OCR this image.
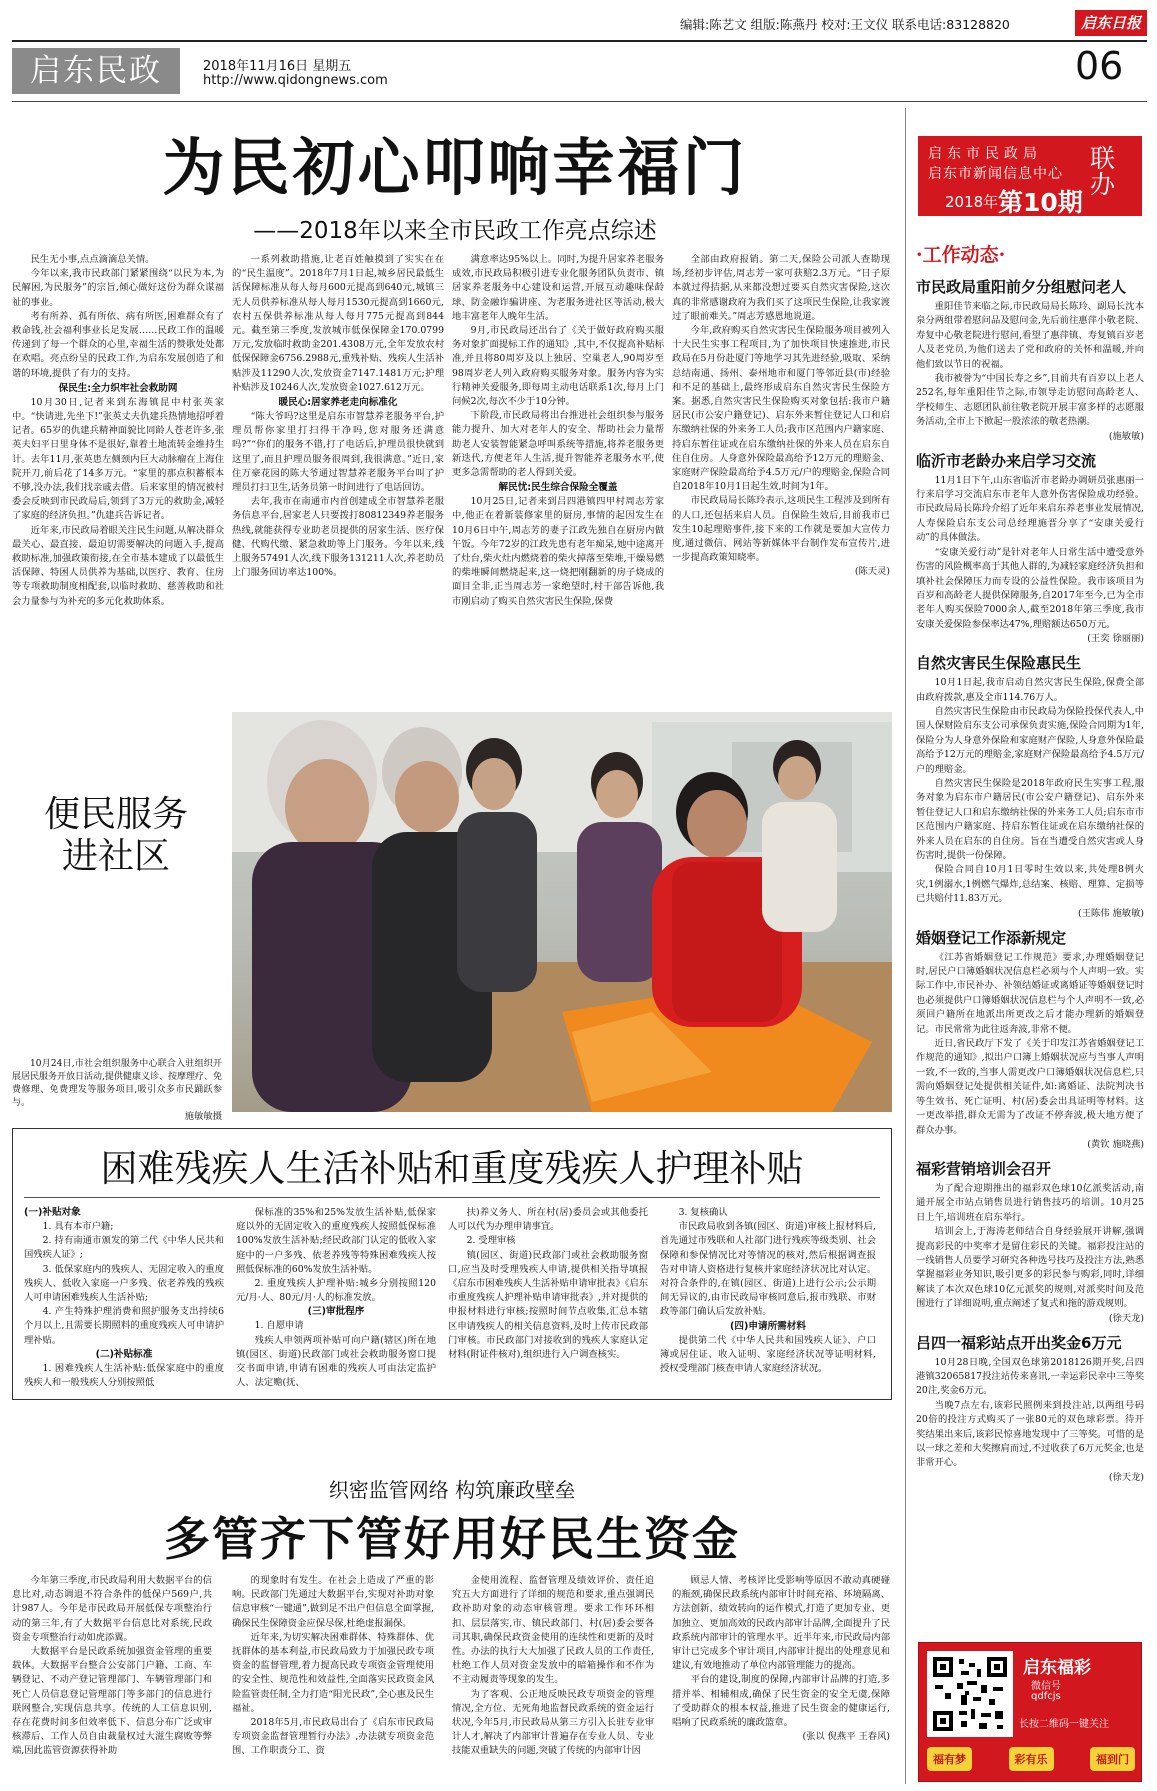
编辑:陈艺文 组版:陈燕丹 校对:王文仪 联系电话:83128820	启东日报
启东民政	2018年11月16日 星期五
http://www.qidongnews.com	06
启东市民政局
启东市新闻信息中心
联办
2018年 第10期
为民初心叩响幸福门
——2018年以来全市民政工作亮点综述

民生无小事,点点滴滴总关情。

今年以来,我市民政部门紧紧围绕“以民为本,为民解困,为民服务”的宗旨,倾心做好这份为群众谋福祉的事业。

考有所养、孤有所依、病有所医,困难群众有了救命钱,社会福利事业长足发展……民政工作的温暖传递到了每一个群众的心里,幸福生活的赞歌处处都在欢唱。亮点纷呈的民政工作,为启东发展创造了和谐的环境,提供了有力的支持。

保民生:全力织牢社会救助网

10月30日,记者来到东海镇昆中村张英家中。“快请进,先坐下!”张英丈夫仇建兵热情地招呼着记者。65岁的仇建兵精神面貌比同龄人苍老许多,张英夫妇平日里身体不是很好,靠着土地流转金维持生计。去年11月,张英患左侧颈内巨大动脉瘤在上海住院开刀,前后花了14多万元。“家里的那点积蓄根本不够,没办法,我们找亲戚去借。后来家里的情况被村委会反映到市民政局后,领到了3万元的救助金,减轻了家庭的经济负担。”仇建兵告诉记者。

近年来,市民政局着眼关注民生问题,从解决群众最关心、最直接、最迫切需要解决的问题入手,提高救助标准,加强政策衔接,在全市基本建成了以最低生活保障、特困人员供养为基础,以医疗、教育、住房等专项救助制度相配套,以临时救助、慈善救助和社会力量参与为补充的多元化救助体系。

一系列救助措施,让老百姓触摸到了实实在在的“民生温度”。2018年7月1日起,城乡居民最低生活保障标准从每人每月600元提高到640元,城镇三无人员供养标准从每人每月1530元提高到1660元,农村五保供养标准从每人每月775元提高到844元。截至第三季度,发放城市低保保障金170.0799万元,发放临时救助金201.4308万元,全年发放农村低保保障金6756.2988元,重残补贴、残疾人生活补贴涉及11290人次,发放资金7147.1481万元;护理补贴涉及10246人次,发放资金1027.612万元。

暖民心:居家养老走向标准化

“陈大爷吗?这里是启东市智慧养老服务平台,护理员帮你家里打扫得干净吗,您对服务还满意吗?”“你们的服务不错,打了电话后,护理员很快就到这里了,而且护理员服务很周到,我很满意。”近日,家住万豪花园的陈大爷通过智慧养老服务平台叫了护理员打扫卫生,话务员第一时间进行了电话回访。

去年,我市在南通市内首创建成全市智慧养老服务信息平台,居家老人只要拨打80812349养老服务热线,就能获得专业助老员提供的居家生活、医疗保健、代购代缴、紧急救助等上门服务。今年以来,线上服务57491人次,线下服务131211人次,养老助员上门服务回访率达100%。

满意率达95%以上。同时,为提升居家养老服务成效,市民政局积极引进专业化服务团队负责市、镇居家养老服务中心建设和运营,开展互动趣味保龄球、防金融诈骗讲座、为老服务进社区等活动,极大地丰富老年人晚年生活。

9月,市民政局还出台了《关于做好政府购买服务对象扩面提标工作的通知》,其中,不仅提高补贴标准,并且将80周岁及以上独居、空巢老人,90周岁至98周岁老人列入政府购买服务对象。服务内容为实行精神关爱服务,即每周主动电话联系1次,每月上门问候2次,每次不少于10分钟。

下阶段,市民政局将出台推进社会组织参与服务能力提升、加大对老年人的安全、帮助社会力量帮助老人安装智能紧急呼叫系统等措施,将养老服务更新迭代,方便老年人生活,提升智能养老服务水平,使更多急需帮助的老人得到关爱。

解民忧:民生综合保险全覆盖

10月25日,记者来到吕四港镇四甲村周志芳家中,他正在着新装修家里的厨房,事情的起因发生在10月6日中午,周志芳的妻子江政先独自在厨房内做午饭。今年72岁的江政先患有老年痴呆,她中途离开了灶台,柴火灶内燃烧着的柴火掉落至柴堆,干燥易燃的柴堆瞬间燃烧起来,这一烧把刚翻新的房子烧成的面目全非,正当周志芳一家绝望时,村干部告诉他,我市刚启动了购买自然灾害民生保险,保费

全部由政府报销。第二天,保险公司派人查勘现场,经初步评估,周志芳一家可获赔2.3万元。“日子原本就过得拮据,从来都没想过要买自然灾害保险,这次真的非常感谢政府为我们买了这项民生保险,让我家渡过了眼前难关。”周志芳感恩地说道。

今年,政府购买自然灾害民生保险服务项目被列入十大民生实事工程项目,为了加快项目快速推进,市民政局在5月份赴厦门等地学习其先进经验,吸取、采纳总结南通、扬州、泰州地市和厦门等邻近县(市)经验和不足的基础上,最终形成启东自然灾害民生保险方案。据悉,自然灾害民生保险购买对象包括:我市户籍居民(市公安户籍登记)、启东外来暂住登记人口和启东缴纳社保的外来务工人员;我市区范围内户籍家庭、持启东暂住证或在启东缴纳社保的外来人员在启东自住自住房。人身意外保险最高给予12万元的理赔金、家庭财产保险最高给予4.5万元/户的理赔金,保险合同自2018年10月1日起生效,时间为1年。

市民政局局长陈玲表示,这项民生工程涉及到所有的人口,还包括来启人员。自保险生效后,目前我市已发生10起理赔事件,接下来的工作就是要加大宣传力度,通过微信、网站等新媒体平台制作发布宣传片,进一步提高政策知晓率。

(陈天灵)
便民服务
进社区

10月24日,市社会组织服务中心联合入驻组织开展居民服务开放日活动,提供健康义诊、按摩理疗、免费修理、免费理发等服务项目,吸引众多市民踊跃参与。

施敏敏摄
困难残疾人生活补贴和重度残疾人护理补贴
(一)补贴对象

1. 具有本市户籍;

2. 持有南通市颁发的第二代《中华人民共和国残疾人证》;

3. 低保家庭内的残疾人、无固定收入的重度残疾人、低收入家庭一户多残、依老养残的残疾人可申请困难残疾人生活补贴;

4. 产生特殊护理消费和照护服务支出持续6个月以上,且需要长期照料的重度残疾人可申请护理补贴。

(二)补贴标准

1. 困难残疾人生活补贴:低保家庭中的重度残疾人和一般残疾人分别按照低

保标准的35%和25%发放生活补贴,低保家庭以外的无固定收入的重度残疾人按照低保标准100%发放生活补贴;经民政部门认定的低收入家庭中的一户多残、依老养残等特殊困难残疾人按照低保标准的60%发放生活补贴。

2. 重度残疾人护理补贴:城乡分别按照120元/月·人、80元/月·人的标准发放。

(三)审批程序

1. 自愿申请

残疾人申领两项补贴可向户籍(辖区)所在地镇(园区、街道)民政部门或社会救助服务窗口提交书面申请,申请有困难的残疾人可由法定监护人、法定赡(抚、

扶)养义务人、所在村(居)委员会或其他委托人可以代为办理申请事宜。

2. 受理审核

镇(园区、街道)民政部门或社会救助服务窗口,应当及时受理残疾人申请,提供相关指导填报《启东市困难残疾人生活补贴申请审批表》《启东市重度残疾人护理补贴申请审批表》,并对提供的申报材料进行审核;按照时间节点收集,汇总本辖区申请残疾人的相关信息资料,及时上传市民政部门审核。市民政部门对接收到的残疾人家庭认定材料(附证件核对),组织进行入户调查核实。

3. 复核确认

市民政局收到各镇(园区、街道)审核上报材料后,首先通过市残联和人社部门进行残疾等级类别、社会保障和参保情况比对等情况的核对,然后根据调查报告对申请人资格进行复核并家庭经济状况比对认定。对符合条件的,在镇(园区、街道)上进行公示;公示期间无异议的,由市民政局审核同意后,报市残联、市财政等部门确认后发放补贴。

(四)申请所需材料

提供第二代《中华人民共和国残疾人证》、户口簿或居住证、收入证明、家庭经济状况等证明材料,授权受理部门核查申请人家庭经济状况。

织密监管网络 构筑廉政壁垒
多管齐下管好用好民生资金

今年第三季度,市民政局利用大数据平台的信息比对,动态调退不符合条件的低保户569户,共计987人。今年是市民政局开展低保专项整治行动的第三年,有了大数据平台信息比对系统,民政资金专项整治行动如虎添翼。

大数据平台是民政系统加强资金管理的重要载体。大数据平台整合公安部门户籍、工商、车辆登记、不动产登记管理部门、车辆管理部门和死亡人员信息登记管理部门等多部门的信息进行联网整合,实现信息共享。传统的人工信息识别,存在花费时间多但效率低下、信息分布广泛或审核滞后、工作人员自由裁量权过大滋生腐败等弊端,因此监管资源获得补助

的现象时有发生。在社会上造成了严重的影响。民政部门先通过大数据平台,实现对补助对象信息审核“一键通”,做到足不出户但信息全面掌握,确保民生保障资金应保尽保,杜绝虚报漏保。

近年来,为切实解决困难群体、特殊群体、优抚群体的基本利益,市民政局致力于加强民政专项资金的监督管理,着力提高民政专项资金管理使用的安全性、规范性和效益性,全面落实民政资金风险监管责任制,全力打造“阳光民政”,全心惠及民生福祉。

2018年5月,市民政局出台了《启东市民政局专项资金监督管理暂行办法》,办法就专项资金范围、工作职责分工、资

金使用流程、监督管理及绩效评价、责任追究五大方面进行了详细的规范和要求,重点强调民政补助对象的动态审核管理。要求工作环环相扣、层层落实,市、镇民政部门、村(居)委会要各司其职,确保民政资金使用的连续性和更新的及时性。办法的执行大大加强了民政人员的工作责任,杜绝工作人员对资金发放中的暗箱操作和不作为不主动履责等现象的发生。

为了客观、公正地反映民政专项资金的管理情况,全方位、无死角地监督民政系统的资金运行状况,今年5月,市民政局从第三方引入长驻专业审计人才,解决了内部审计普遍存在专业人员、专业技能双重缺失的问题,突破了传统的内部审计因

顾忌人情、考核评比受影响等原因不敢动真硬碰的瓶颈,确保民政系统内部审计时间充裕、环境隔离、方法创新、绩效转向的运作模式,打造了更加专业、更加独立、更加高效的民政内部审计品牌,全面提升了民政系统内部审计的管理水平。近半年来,市民政局内部审计已完成多个审计项目,内部审计提出的处理意见和建议,有效地推动了单位内部管理能力的提高。

平台的建设,制度的保障,内部审计品牌的打造,多措并举、相辅相成,确保了民生资金的安全无虞,保障了受助群众的根本权益,推进了民生资金的健康运行,唱响了民政系统的廉政篮章。

(张以 倪燕平 王春风)
·工作动态·
市民政局重阳前夕分组慰问老人

重阳佳节来临之际,市民政局局长陈玲、副局长沈本泉分两组带着慰问品及慰问金,先后前往惠萍小敬老院、寿复中心敬老院进行慰问,看望了惠萍镇、寿复镇百岁老人及老党员,为他们送去了党和政府的关怀和温暖,并向他们致以节日的祝福。

我市被誉为“中国长寿之乡”,目前共有百岁以上老人252名,每年重阳佳节之际,市领导走访慰问高龄老人、学校师生、志愿团队前往敬老院开展丰富多样的志愿服务活动,全市上下掀起一股浓浓的敬老热潮。

(施敏敏)
临沂市老龄办来启学习交流

11月1日下午,山东省临沂市老龄办调研员张惠丽一行来启学习交流启东市老年人意外伤害保险成功经验。市民政局局长陈玲介绍了近年来启东养老事业发展情况,人寿保险启东支公司总经理施晋分享了“安康关爱行动”的具体做法。

“安康关爱行动”是针对老年人日常生活中遭受意外伤害的风险概率高于其他人群的,为减轻家庭经济负担和填补社会保障压力而专设的公益性保险。我市该项目为百岁和高龄老人提供保障服务,自2017年至今,已为全市老年人购买保险7000余人,截至2018年第三季度,我市安康关爱保险参保率达47%,理赔额达650万元。

(王奕 徐丽丽)
自然灾害民生保险惠民生

10月1日起,我市启动自然灾害民生保险,保费全部由政府拨款,惠及全市114.76万人。

自然灾害民生保险由市民政局为保险投保代表人,中国人保财险启东支公司承保负责实施,保险合同期为1年,保险分为人身意外保险和家庭财产保险,人身意外保险最高给予12万元的理赔金,家庭财产保险最高给予4.5万元/户的理赔金。

自然灾害民生保险是2018年政府民生实事工程,服务对象为启东市户籍居民(市公安户籍登记)、启东外来暂住登记人口和启东缴纳社保的外来务工人员;启东市市区范围内户籍家庭、持启东暂住证或在启东缴纳社保的外来人员在启东的自住房。旨在当遭受自然灾害或人身伤害时,提供一份保障。

保险合同自10月1日零时生效以来,共处理8例火灾,1例溺水,1例燃气爆炸,总结案、核赔、理算、定损等已共赔付11.83万元。

(王陈伟 施敏敏)
婚姻登记工作添新规定

《江苏省婚姻登记工作规范》要求,办理婚姻登记时,居民户口簿婚姻状况信息栏必须与个人声明一致。实际工作中,市民补办、补领结婚证或离婚证等婚姻登记时也必须提供户口簿婚姻状况信息栏与个人声明不一致,必须回户籍所在地派出所更改之后才能办理新的婚姻登记。市民常常为此往返奔波,非常不便。

近日,省民政厅下发了《关于印发江苏省婚姻登记工作规范的通知》,拟出户口簿上婚姻状况应与当事人声明一致,不一致的,当事人需更改户口簿婚姻状况信息栏,只需向婚姻登记处提供相关证件,如:离婚证、法院判决书等生效书、死亡证明、村(居)委会出具证明等材料。这一更改举措,群众无需为了改证不停奔波,极大地方便了群众办事。

(黄钦 施晓燕)
福彩营销培训会召开

为了配合迎期推出的福彩双色球10亿派奖活动,南通开展全市站点销售员进行销售技巧的培训。10月25日上午,培训班在启东举行。

培训会上,于海涛老师结合自身经验展开讲解,强调提高彩民的中奖率才是留住彩民的关键。福彩投注站的一线销售人员要学习研究各种选号技巧及投注方法,熟悉掌握福彩业务知识,吸引更多的彩民参与购彩,同时,详细解读了本次双色球10亿元派奖的规则,对派奖时间及范围进行了详细说明,重点阐述了复式和拖的游戏规则。

(徐天龙)
吕四一福彩站点开出奖金6万元

10月28日晚,全国双色球第2018126期开奖,吕四港镇32065817投注站传来喜讯,一幸运彩民幸中三等奖20注,奖金6万元。

当晚7点左右,该彩民照例来到投注站,以两组号码20倍的投注方式购买了一张80元的双色球彩票。待开奖结果出来后,该彩民惊喜地发现中了三等奖。可惜的是以一球之差和大奖擦肩而过,不过收获了6万元奖金,也是非常开心。

(徐天龙)
启东福彩
微信号
qdfcjs
长按二维码一键关注
福有梦	彩有乐	福到门
